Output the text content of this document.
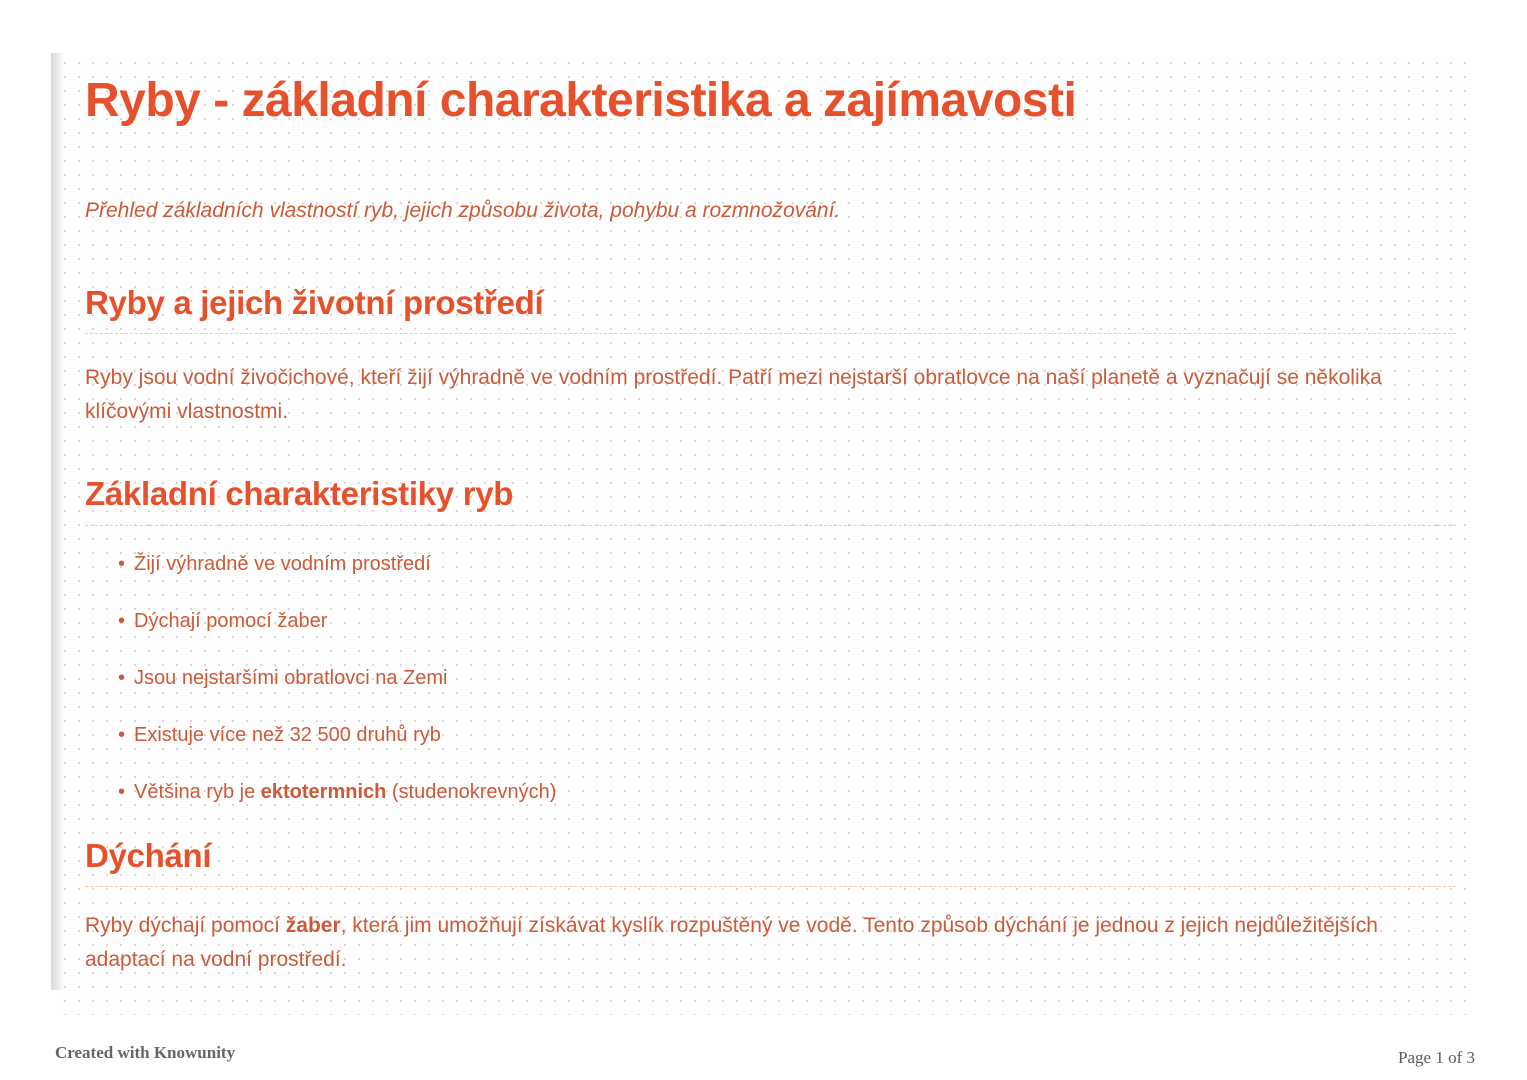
Ryby - základní charakteristika a zajímavosti

Přehled základních vlastností ryb, jejich způsobu života, pohybu a rozmnožování.

Ryby a jejich životní prostředí

Ryby jsou vodní živočichové, kteří žijí výhradně ve vodním prostředí. Patří mezi nejstarší obratlovce na naší planetě a vyznačují se několika klíčovými vlastnostmi.

Základní charakteristiky ryb
• Žijí výhradně ve vodním prostředí
• Dýchají pomocí žaber
• Jsou nejstaršími obratlovci na Zemi
• Existuje více než 32 500 druhů ryb
• Většina ryb je ektotermnich (studenokrevných)
Dýchání

Ryby dýchají pomocí žaber, která jim umožňují získávat kyslík rozpuštěný ve vodě. Tento způsob dýchání je jednou z jejich nejdůležitějších adaptací na vodní prostředí.

Created with Knowunity	Page 1 of 3
